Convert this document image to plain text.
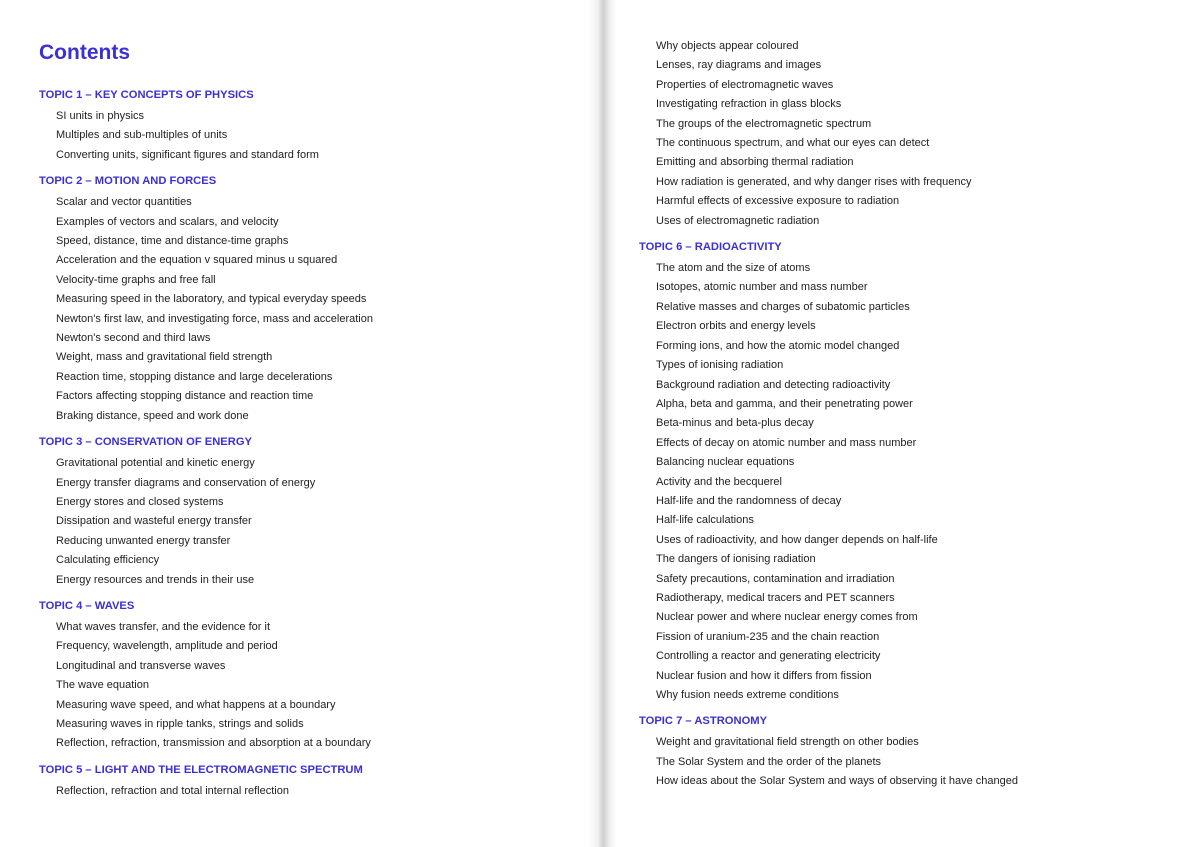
Contents
TOPIC 1 – KEY CONCEPTS OF PHYSICS
SI units in physics
Multiples and sub-multiples of units
Converting units, significant figures and standard form
TOPIC 2 – MOTION AND FORCES
Scalar and vector quantities
Examples of vectors and scalars, and velocity
Speed, distance, time and distance-time graphs
Acceleration and the equation v squared minus u squared
Velocity-time graphs and free fall
Measuring speed in the laboratory, and typical everyday speeds
Newton's first law, and investigating force, mass and acceleration
Newton's second and third laws
Weight, mass and gravitational field strength
Reaction time, stopping distance and large decelerations
Factors affecting stopping distance and reaction time
Braking distance, speed and work done
TOPIC 3 – CONSERVATION OF ENERGY
Gravitational potential and kinetic energy
Energy transfer diagrams and conservation of energy
Energy stores and closed systems
Dissipation and wasteful energy transfer
Reducing unwanted energy transfer
Calculating efficiency
Energy resources and trends in their use
TOPIC 4 – WAVES
What waves transfer, and the evidence for it
Frequency, wavelength, amplitude and period
Longitudinal and transverse waves
The wave equation
Measuring wave speed, and what happens at a boundary
Measuring waves in ripple tanks, strings and solids
Reflection, refraction, transmission and absorption at a boundary
TOPIC 5 – LIGHT AND THE ELECTROMAGNETIC SPECTRUM
Reflection, refraction and total internal reflection
Why objects appear coloured
Lenses, ray diagrams and images
Properties of electromagnetic waves
Investigating refraction in glass blocks
The groups of the electromagnetic spectrum
The continuous spectrum, and what our eyes can detect
Emitting and absorbing thermal radiation
How radiation is generated, and why danger rises with frequency
Harmful effects of excessive exposure to radiation
Uses of electromagnetic radiation
TOPIC 6 – RADIOACTIVITY
The atom and the size of atoms
Isotopes, atomic number and mass number
Relative masses and charges of subatomic particles
Electron orbits and energy levels
Forming ions, and how the atomic model changed
Types of ionising radiation
Background radiation and detecting radioactivity
Alpha, beta and gamma, and their penetrating power
Beta-minus and beta-plus decay
Effects of decay on atomic number and mass number
Balancing nuclear equations
Activity and the becquerel
Half-life and the randomness of decay
Half-life calculations
Uses of radioactivity, and how danger depends on half-life
The dangers of ionising radiation
Safety precautions, contamination and irradiation
Radiotherapy, medical tracers and PET scanners
Nuclear power and where nuclear energy comes from
Fission of uranium-235 and the chain reaction
Controlling a reactor and generating electricity
Nuclear fusion and how it differs from fission
Why fusion needs extreme conditions
TOPIC 7 – ASTRONOMY
Weight and gravitational field strength on other bodies
The Solar System and the order of the planets
How ideas about the Solar System and ways of observing it have changed
